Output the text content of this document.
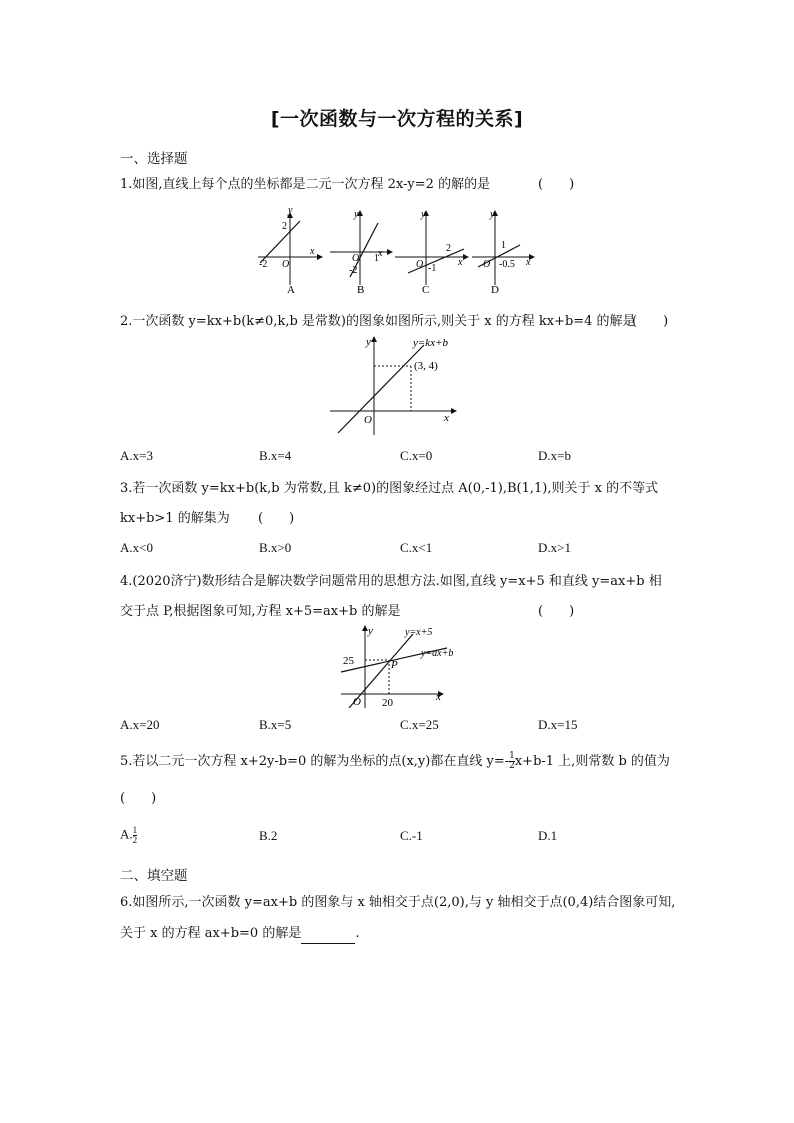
[一次函数与一次方程的关系]
一、选择题
1.如图,直线上每个点的坐标都是二元一次方程 2x-y=2 的解的是	(　　)
y
x
O
2
-2
A
y
x
O
-2
1
B
y
x
O -1
2
C
y
x
O
1
-0.5
D
2.一次函数 y=kx+b(k≠0,k,b 是常数)的图象如图所示,则关于 x 的方程 kx+b=4 的解是
(　　)
y
x
O
y=kx+b
(3, 4)
A.x=3	B.x=4	C.x=0	D.x=b
3.若一次函数 y=kx+b(k,b 为常数,且 k≠0)的图象经过点 A(0,-1),B(1,1),则关于 x 的不等式
kx+b>1 的解集为 (　　)
A.x<0	B.x>0	C.x<1	D.x>1
4.(2020济宁)数形结合是解决数学问题常用的思想方法.如图,直线 y=x+5 和直线 y=ax+b 相
交于点 P,根据图象可知,方程 x+5=ax+b 的解是	(　　)
y
x
O
25
20
P
y=x+5
y=ax+b
A.x=20	B.x=5	C.x=25	D.x=15
5.若以二元一次方程 x+2y-b=0 的解为坐标的点(x,y)都在直线 $y=- \frac{1}{2} x+b-1$ 上,则常数 b 的值为
(　　)
A. $\frac{1}{2}$	B.2	C.-1	D.1
二、填空题
6.如图所示,一次函数 y=ax+b 的图象与 x 轴相交于点(2,0),与 y 轴相交于点(0,4)结合图象可知,
关于 x 的方程 ax+b=0 的解是	.
